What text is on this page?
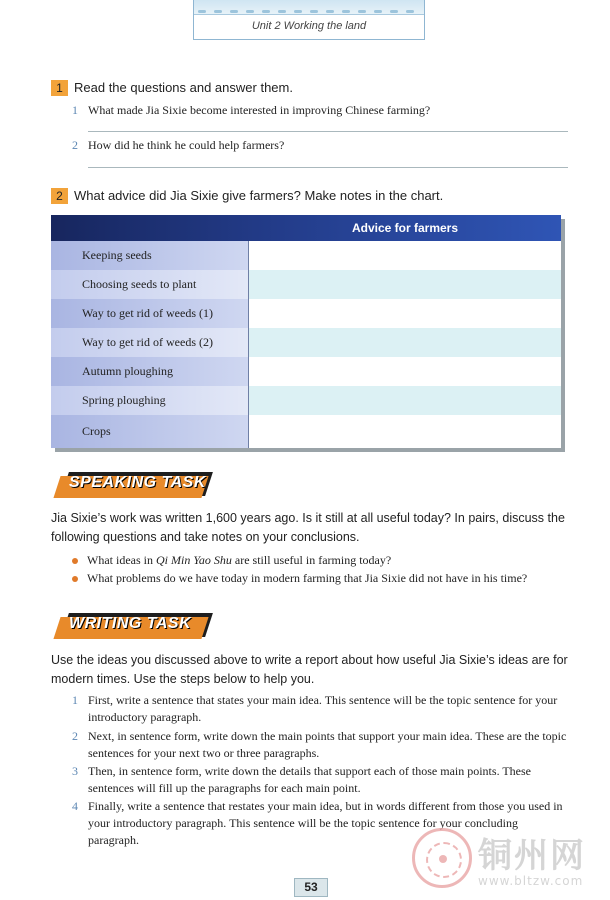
Unit 2 Working the land
1 Read the questions and answer them.
1 What made Jia Sixie become interested in improving Chinese farming?
2 How did he think he could help farmers?
2 What advice did Jia Sixie give farmers? Make notes in the chart.
Advice for farmers
Keeping seeds
Choosing seeds to plant
Way to get rid of weeds (1)
Way to get rid of weeds (2)
Autumn ploughing
Spring ploughing
Crops
SPEAKING TASK
Jia Sixie’s work was written 1,600 years ago. Is it still at all useful today? In pairs, discuss the following questions and take notes on your conclusions.
What ideas in Qi Min Yao Shu are still useful in farming today?
What problems do we have today in modern farming that Jia Sixie did not have in his time?
WRITING TASK
Use the ideas you discussed above to write a report about how useful Jia Sixie’s ideas are for modern times. Use the steps below to help you.
1 First, write a sentence that states your main idea. This sentence will be the topic sentence for your introductory paragraph.
2 Next, in sentence form, write down the main points that support your main idea. These are the topic sentences for your next two or three paragraphs.
3 Then, in sentence form, write down the details that support each of those main points. These sentences will fill up the paragraphs for each main point.
4 Finally, write a sentence that restates your main idea, but in words different from those you used in your introductory paragraph. This sentence will be the topic sentence for your concluding paragraph.
53
铜州网
www.bltzw.com
